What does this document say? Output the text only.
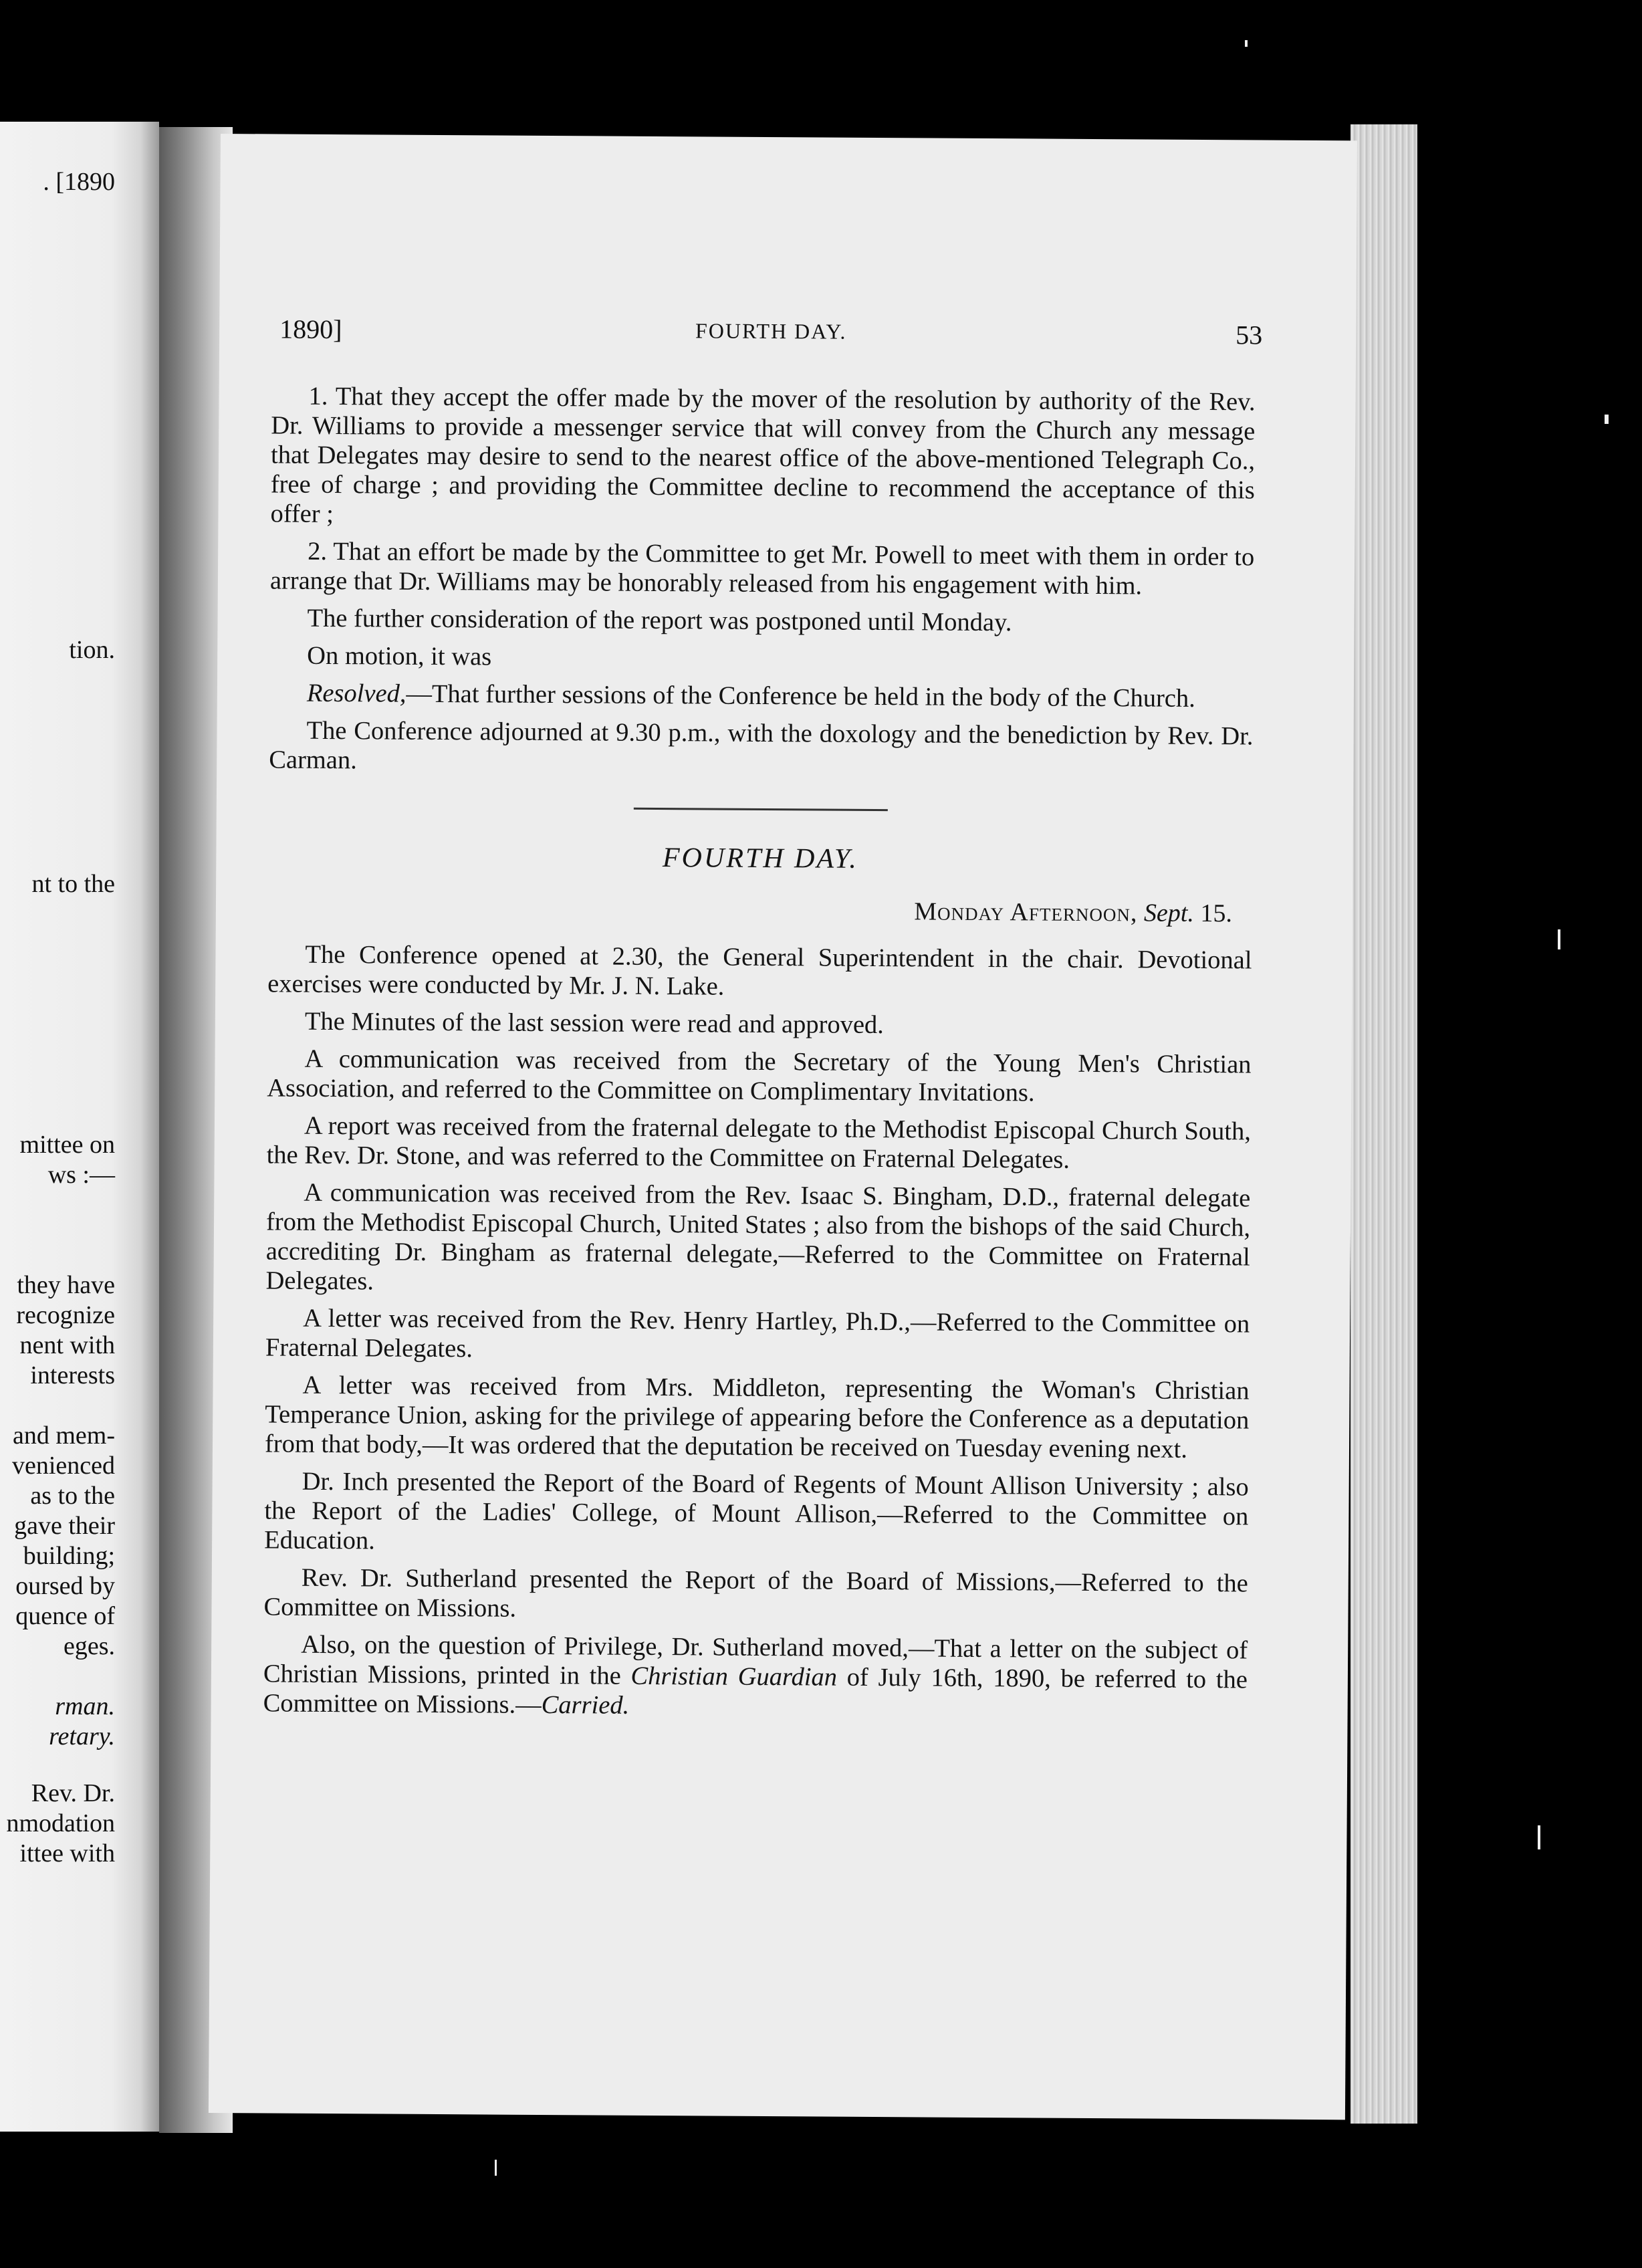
. [1890
tion.
nt to the
mittee on
ws :—
they have
recognize
nent with
interests
and mem-
venienced
as to the
gave their
building;
oursed by
quence of
eges.
rman.
retary.
Rev. Dr.
nmodation
ittee with
1890]	FOURTH DAY.	53

1. That they accept the offer made by the mover of the resolution by authority of the Rev. Dr. Williams to provide a messenger service that will convey from the Church any message that Delegates may desire to send to the nearest office of the above-mentioned Telegraph Co., free of charge ; and providing the Committee decline to recommend the acceptance of this offer ;

2. That an effort be made by the Committee to get Mr. Powell to meet with them in order to arrange that Dr. Williams may be honorably released from his engagement with him.

The further consideration of the report was postponed until Monday.

On motion, it was

Resolved,—That further sessions of the Conference be held in the body of the Church.

The Conference adjourned at 9.30 p.m., with the doxology and the benediction by Rev. Dr. Carman.

FOURTH DAY.
Monday Afternoon, Sept. 15.

The Conference opened at 2.30, the General Superintendent in the chair. Devotional exercises were conducted by Mr. J. N. Lake.

The Minutes of the last session were read and approved.

A communication was received from the Secretary of the Young Men's Christian Association, and referred to the Committee on Complimentary Invitations.

A report was received from the fraternal delegate to the Methodist Episcopal Church South, the Rev. Dr. Stone, and was referred to the Committee on Fraternal Delegates.

A communication was received from the Rev. Isaac S. Bingham, D.D., fraternal delegate from the Methodist Episcopal Church, United States ; also from the bishops of the said Church, accrediting Dr. Bingham as fraternal delegate,—Referred to the Committee on Fraternal Delegates.

A letter was received from the Rev. Henry Hartley, Ph.D.,—Referred to the Committee on Fraternal Delegates.

A letter was received from Mrs. Middleton, representing the Woman's Christian Temperance Union, asking for the privilege of appearing before the Conference as a deputation from that body,—It was ordered that the deputation be received on Tuesday evening next.

Dr. Inch presented the Report of the Board of Regents of Mount Allison University ; also the Report of the Ladies' College, of Mount Allison,—Referred to the Committee on Education.

Rev. Dr. Sutherland presented the Report of the Board of Missions,—Referred to the Committee on Missions.

Also, on the question of Privilege, Dr. Sutherland moved,—That a letter on the subject of Christian Missions, printed in the Christian Guardian of July 16th, 1890, be referred to the Committee on Missions.—Carried.
